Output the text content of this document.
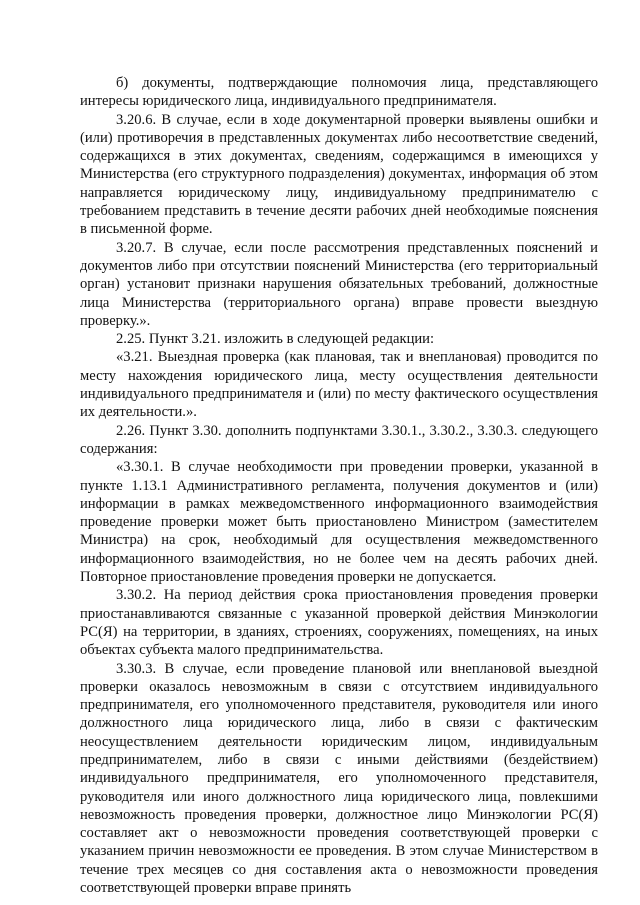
б) документы, подтверждающие полномочия лица, представляющего интересы юридического лица, индивидуального предпринимателя.

3.20.6. В случае, если в ходе документарной проверки выявлены ошибки и (или) противоречия в представленных документах либо несоответствие сведений, содержащихся в этих документах, сведениям, содержащимся в имеющихся у Министерства (его структурного подразделения) документах, информация об этом направляется юридическому лицу, индивидуальному предпринимателю с требованием представить в течение десяти рабочих дней необходимые пояснения в письменной форме.

3.20.7. В случае, если после рассмотрения представленных пояснений и документов либо при отсутствии пояснений Министерства (его территориальный орган) установит признаки нарушения обязательных требований, должностные лица Министерства (территориального органа) вправе провести выездную проверку.».

2.25. Пункт 3.21. изложить в следующей редакции:

«3.21. Выездная проверка (как плановая, так и внеплановая) проводится по месту нахождения юридического лица, месту осуществления деятельности индивидуального предпринимателя и (или) по месту фактического осуществления их деятельности.».

2.26. Пункт 3.30. дополнить подпунктами 3.30.1., 3.30.2., 3.30.3. следующего содержания:

«3.30.1. В случае необходимости при проведении проверки, указанной в пункте 1.13.1 Административного регламента, получения документов и (или) информации в рамках межведомственного информационного взаимодействия проведение проверки может быть приостановлено Министром (заместителем Министра) на срок, необходимый для осуществления межведомственного информационного взаимодействия, но не более чем на десять рабочих дней. Повторное приостановление проведения проверки не допускается.

3.30.2. На период действия срока приостановления проведения проверки приостанавливаются связанные с указанной проверкой действия Минэкологии РС(Я) на территории, в зданиях, строениях, сооружениях, помещениях, на иных объектах субъекта малого предпринимательства.

3.30.3. В случае, если проведение плановой или внеплановой выездной проверки оказалось невозможным в связи с отсутствием индивидуального предпринимателя, его уполномоченного представителя, руководителя или иного должностного лица юридического лица, либо в связи с фактическим неосуществлением деятельности юридическим лицом, индивидуальным предпринимателем, либо в связи с иными действиями (бездействием) индивидуального предпринимателя, его уполномоченного представителя, руководителя или иного должностного лица юридического лица, повлекшими невозможность проведения проверки, должностное лицо Минэкологии РС(Я) составляет акт о невозможности проведения соответствующей проверки с указанием причин невозможности ее проведения. В этом случае Министерством в течение трех месяцев со дня составления акта о невозможности проведения соответствующей проверки вправе принять
